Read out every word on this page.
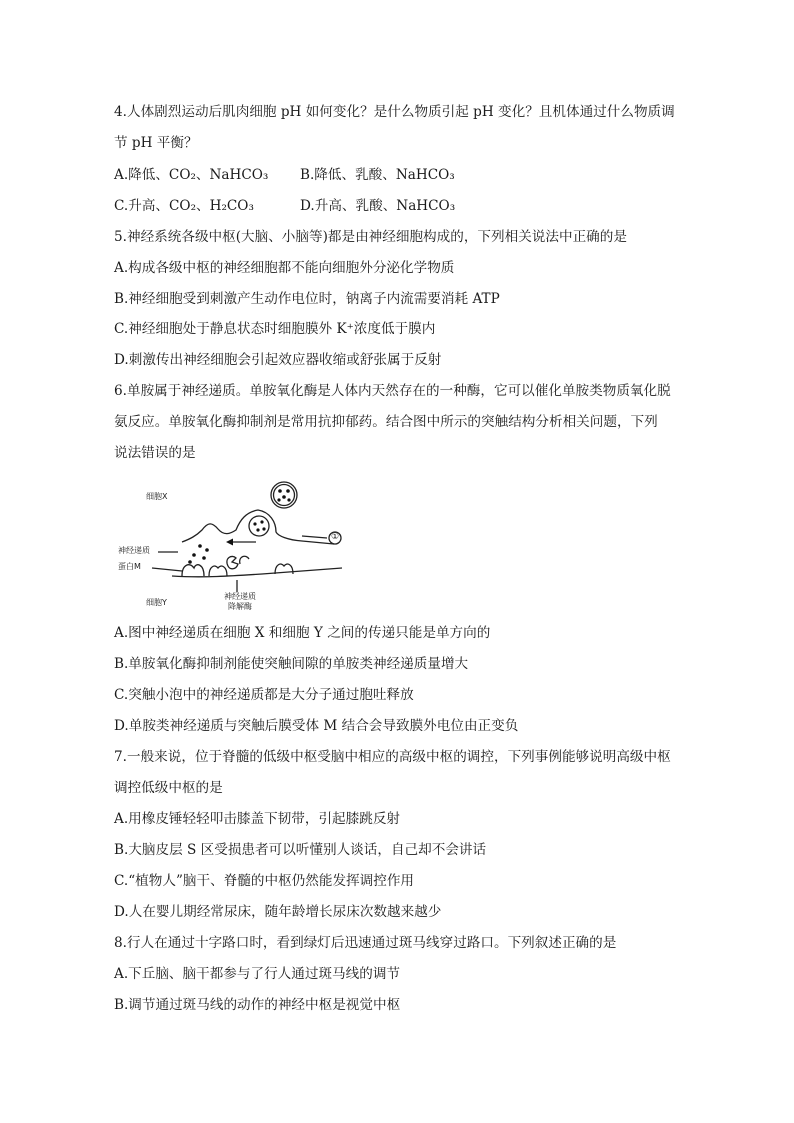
4.人体剧烈运动后肌肉细胞 pH 如何变化？是什么物质引起 pH 变化？且机体通过什么物质调
节 pH 平衡？
A.降低、CO₂、NaHCO₃ B.降低、乳酸、NaHCO₃
C.升高、CO₂、H₂CO₃	D.升高、乳酸、NaHCO₃
5.神经系统各级中枢(大脑、小脑等)都是由神经细胞构成的，下列相关说法中正确的是
A.构成各级中枢的神经细胞都不能向细胞外分泌化学物质
B.神经细胞受到刺激产生动作电位时，钠离子内流需要消耗 ATP
C.神经细胞处于静息状态时细胞膜外 K⁺浓度低于膜内
D.刺激传出神经细胞会引起效应器收缩或舒张属于反射
6.单胺属于神经递质。单胺氧化酶是人体内天然存在的一种酶，它可以催化单胺类物质氧化脱
氨反应。单胺氧化酶抑制剂是常用抗抑郁药。结合图中所示的突触结构分析相关问题，下列
说法错误的是
细胞X
神经递质
蛋白M
细胞Y
神经递质
降解酶
①
A.图中神经递质在细胞 X 和细胞 Y 之间的传递只能是单方向的
B.单胺氧化酶抑制剂能使突触间隙的单胺类神经递质量增大
C.突触小泡中的神经递质都是大分子通过胞吐释放
D.单胺类神经递质与突触后膜受体 M 结合会导致膜外电位由正变负
7.一般来说，位于脊髓的低级中枢受脑中相应的高级中枢的调控，下列事例能够说明高级中枢
调控低级中枢的是
A.用橡皮锤轻轻叩击膝盖下韧带，引起膝跳反射
B.大脑皮层 S 区受损患者可以听懂别人谈话，自己却不会讲话
C.“植物人”脑干、脊髓的中枢仍然能发挥调控作用
D.人在婴儿期经常尿床，随年龄增长尿床次数越来越少
8.行人在通过十字路口时，看到绿灯后迅速通过斑马线穿过路口。下列叙述正确的是
A.下丘脑、脑干都参与了行人通过斑马线的调节
B.调节通过斑马线的动作的神经中枢是视觉中枢
